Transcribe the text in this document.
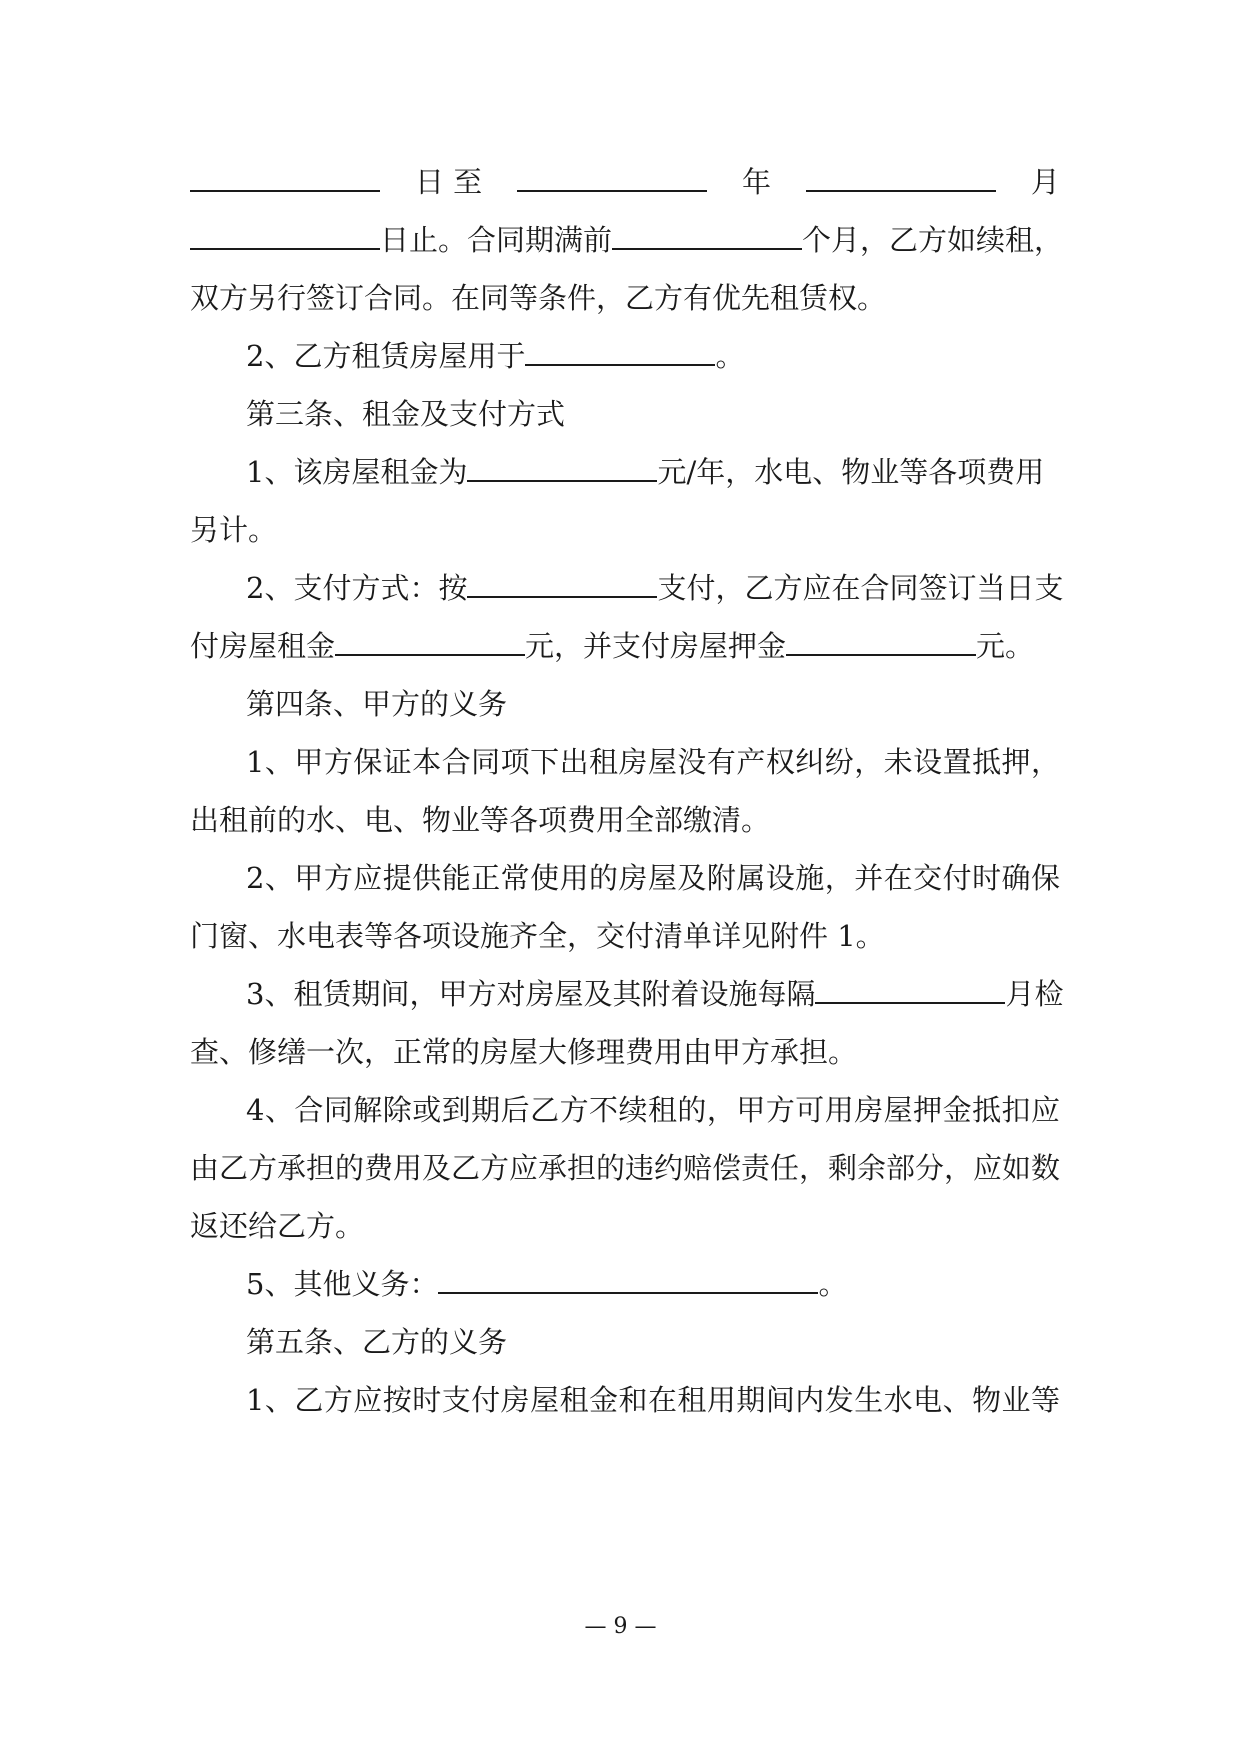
日 至	年	月
日止。合同期满前	个月，乙方如续租，
双方另行签订合同。在同等条件，乙方有优先租赁权。
2、乙方租赁房屋用于	。
第三条、租金及支付方式
1、该房屋租金为	元/年，水电、物业等各项费用
另计。
2、支付方式：按	支付，乙方应在合同签订当日支
付房屋租金	元，并支付房屋押金	元。
第四条、甲方的义务
1、甲方保证本合同项下出租房屋没有产权纠纷，未设置抵押，
出租前的水、电、物业等各项费用全部缴清。
2、甲方应提供能正常使用的房屋及附属设施，并在交付时确保
门窗、水电表等各项设施齐全，交付清单详见附件 1。
3、租赁期间，甲方对房屋及其附着设施每隔	月检
查、修缮一次，正常的房屋大修理费用由甲方承担。
4、合同解除或到期后乙方不续租的，甲方可用房屋押金抵扣应
由乙方承担的费用及乙方应承担的违约赔偿责任，剩余部分，应如数
返还给乙方。
5、其他义务：	。
第五条、乙方的义务
1、乙方应按时支付房屋租金和在租用期间内发生水电、物业等
— 9 —
